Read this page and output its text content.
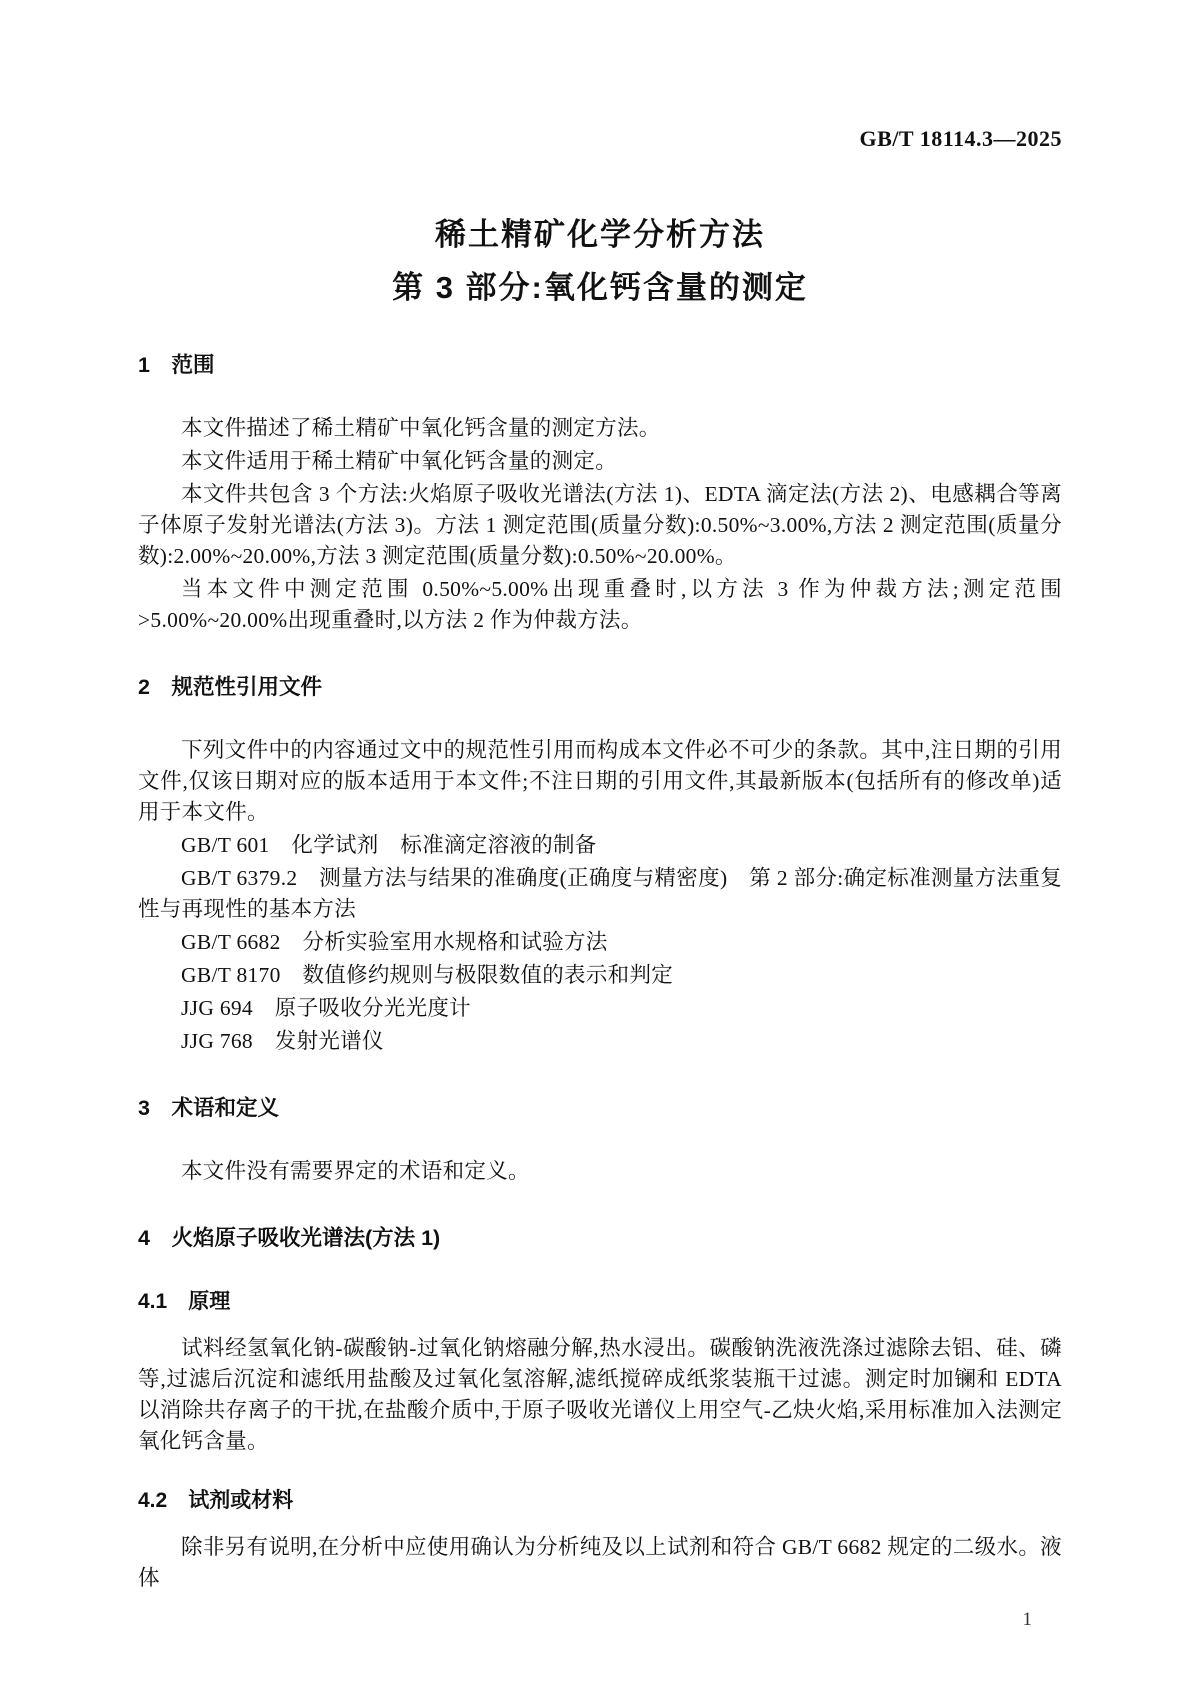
GB/T 18114.3—2025
稀土精矿化学分析方法
第 3 部分:氧化钙含量的测定
1　范围

本文件描述了稀土精矿中氧化钙含量的测定方法。

本文件适用于稀土精矿中氧化钙含量的测定。

本文件共包含 3 个方法:火焰原子吸收光谱法(方法 1)、EDTA 滴定法(方法 2)、电感耦合等离子体原子发射光谱法(方法 3)。方法 1 测定范围(质量分数):0.50%~3.00%,方法 2 测定范围(质量分数):2.00%~20.00%,方法 3 测定范围(质量分数):0.50%~20.00%。

当本文件中测定范围 0.50%~5.00%出现重叠时,以方法 3 作为仲裁方法;测定范围>5.00%~20.00%出现重叠时,以方法 2 作为仲裁方法。

2　规范性引用文件

下列文件中的内容通过文中的规范性引用而构成本文件必不可少的条款。其中,注日期的引用文件,仅该日期对应的版本适用于本文件;不注日期的引用文件,其最新版本(包括所有的修改单)适用于本文件。

GB/T 601　化学试剂　标准滴定溶液的制备

GB/T 6379.2　测量方法与结果的准确度(正确度与精密度)　第 2 部分:确定标准测量方法重复性与再现性的基本方法

GB/T 6682　分析实验室用水规格和试验方法

GB/T 8170　数值修约规则与极限数值的表示和判定

JJG 694　原子吸收分光光度计

JJG 768　发射光谱仪

3　术语和定义

本文件没有需要界定的术语和定义。

4　火焰原子吸收光谱法(方法 1)
4.1　原理

试料经氢氧化钠-碳酸钠-过氧化钠熔融分解,热水浸出。碳酸钠洗液洗涤过滤除去铝、硅、磷等,过滤后沉淀和滤纸用盐酸及过氧化氢溶解,滤纸搅碎成纸浆装瓶干过滤。测定时加镧和 EDTA 以消除共存离子的干扰,在盐酸介质中,于原子吸收光谱仪上用空气-乙炔火焰,采用标准加入法测定氧化钙含量。

4.2　试剂或材料

除非另有说明,在分析中应使用确认为分析纯及以上试剂和符合 GB/T 6682 规定的二级水。液体

1
